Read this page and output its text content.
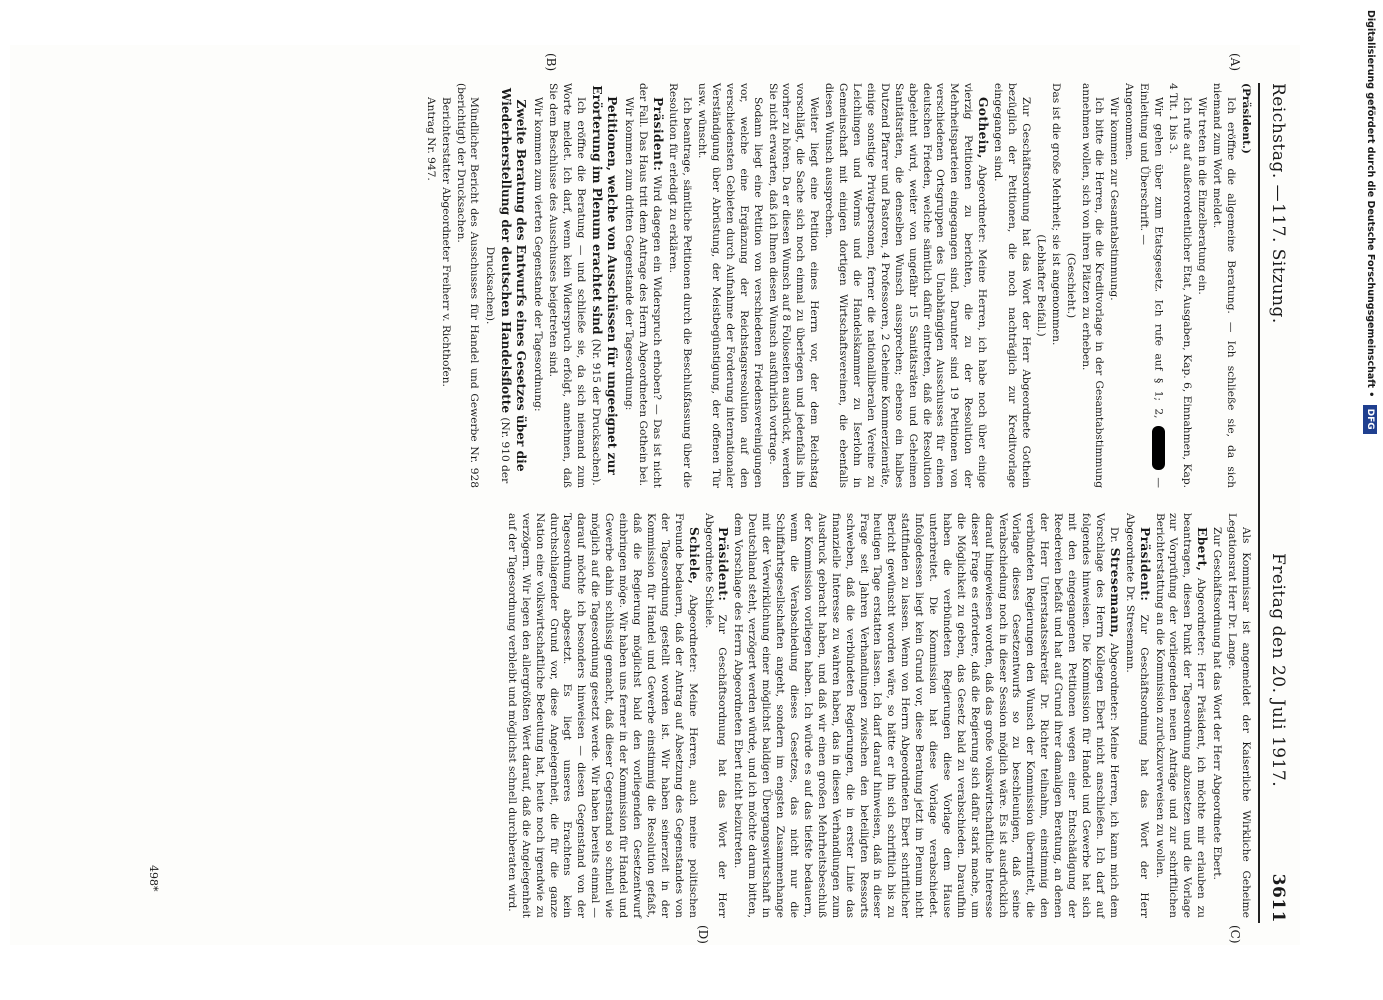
Reichstag. —
117. Sitzung.
Freitag den 20. Juli 1917.
3611
(A)
(B)
(C)
(D)

(Präsident.)

Ich eröffne die allgemeine Beratung. — Ich schließe sie, da sich niemand zum Wort meldet.

Wir treten in die Einzelberatung ein.

Ich rufe auf außerordentlicher Etat, Ausgaben, Kap. 6, Einnahmen, Kap. 4 Tit. 1 bis 3.

Wir gehen über zum Etatsgesetz. Ich rufe auf § 1; 2,  — Einleitung und Überschrift. —

Angenommen.

Wir kommen zur Gesamtabstimmung.

Ich bitte die Herren, die die Kreditvorlage in der Gesamtabstimmung annehmen wollen, sich von ihren Plätzen zu erheben.

(Geschieht.)

Das ist die große Mehrheit; sie ist angenommen.

(Lebhafter Beifall.)

Zur Geschäftsordnung hat das Wort der Herr Abgeordnete Gothein bezüglich der Petitionen, die noch nachträglich zur Kreditvorlage eingegangen sind.

Gothein, Abgeordneter: Meine Herren, ich habe noch über einige vierzig Petitionen zu berichten, die zu der Resolution der Mehrheitsparteien eingegangen sind. Darunter sind 19 Petitionen von verschiedenen Ortsgruppen des Unabhängigen Ausschusses für einen deutschen Frieden, welche sämtlich dafür eintreten, daß die Resolution abgelehnt wird, weiter von ungefähr 15 Sanitätsräten und Geheimen Sanitätsräten, die denselben Wunsch aussprechen; ebenso ein halbes Dutzend Pfarrer und Pastoren, 4 Professoren, 2 Geheime Kommerzienräte, einige sonstige Privatpersonen, ferner die nationalliberalen Vereine zu Leichlingen und Worms und die Handelskammer zu Iserlohn in Gemeinschaft mit einigen dortigen Wirtschaftsvereinen, die ebenfalls diesen Wunsch aussprechen.

Weiter liegt eine Petition eines Herrn vor, der dem Reichstag vorschlägt, die Sache sich noch einmal zu überlegen und jedenfalls ihn vorher zu hören. Da er diesen Wunsch auf 8 Folioseiten ausdrückt, werden Sie nicht erwarten, daß ich Ihnen diesen Wunsch ausführlich vortrage.

Sodann liegt eine Petition von verschiedenen Friedensvereinigungen vor, welche eine Ergänzung der Reichstagsresolution auf den verschiedensten Gebieten durch Aufnahme der Forderung internationaler Verständigung über Abrüstung, der Meistbegünstigung, der offenen Tür usw. wünscht.

Ich beantrage, sämtliche Petitionen durch die Beschlußfassung über die Resolution für erledigt zu erklären.

Präsident: Wird dagegen ein Widerspruch erhoben? — Das ist nicht der Fall. Das Haus tritt dem Antrage des Herrn Abgeordneten Gothein bei.

Wir kommen zum dritten Gegenstande der Tagesordnung:

Petitionen, welche von Ausschüssen für ungeeignet zur Erörterung im Plenum erachtet sind (Nr. 915 der Drucksachen).

Ich eröffne die Beratung — und schließe sie, da sich niemand zum Worte meldet. Ich darf, wenn kein Widerspruch erfolgt, annehmen, daß Sie dem Beschlusse des Ausschusses beigetreten sind.

Wir kommen zum vierten Gegenstande der Tagesordnung:

Zweite Beratung des Entwurfs eines Gesetzes über die Wiederherstellung der deutschen Handelsflotte (Nr. 910 der Drucksachen).

Mündlicher Bericht des Ausschusses für Handel und Gewerbe Nr. 928 (berichtigt) der Drucksachen.

Berichterstatter Abgeordneter Freiherr v. Richthofen.

Antrag Nr. 947.

Als Kommissar ist angemeldet der Kaiserliche Wirkliche Geheime Legationsrat Herr Dr. Lange.

Zur Geschäftsordnung hat das Wort der Herr Abgeordnete Ebert.

Ebert, Abgeordneter: Herr Präsident, ich möchte mir erlauben zu beantragen, diesen Punkt der Tagesordnung abzusetzen und die Vorlage zur Vorprüfung der vorliegenden neuen Anträge und zur schriftlichen Berichterstattung an die Kommission zurückzuverweisen zu wollen.

Präsident: Zur Geschäftsordnung hat das Wort der Herr Abgeordnete Dr. Stresemann.

Dr. Stresemann, Abgeordneter: Meine Herren, ich kann mich dem Vorschlage des Herrn Kollegen Ebert nicht anschließen. Ich darf auf folgendes hinweisen. Die Kommission für Handel und Gewerbe hat sich mit den eingegangenen Petitionen wegen einer Entschädigung der Reedereien befaßt und hat auf Grund ihrer damaligen Beratung, an denen der Herr Unterstaatssekretär Dr. Richter teilnahm, einstimmig den verbündeten Regierungen den Wunsch der Kommission übermittelt, die Vorlage dieses Gesetzentwurfs so zu beschleunigen, daß seine Verabschiedung noch in dieser Session möglich wäre. Es ist ausdrücklich darauf hingewiesen worden, daß das große volkswirtschaftliche Interesse dieser Frage es erfordere, daß die Regierung sich dafür stark mache, um die Möglichkeit zu geben, das Gesetz bald zu verabschieden. Daraufhin haben die verbündeten Regierungen diese Vorlage dem Hause unterbreitet. Die Kommission hat diese Vorlage verabschiedet. Infolgedessen liegt kein Grund vor, diese Beratung jetzt im Plenum nicht stattfinden zu lassen. Wenn von Herrn Abgeordneten Ebert schriftlicher Bericht gewünscht worden wäre, so hätte er ihn sich schriftlich bis zu heutigen Tage erstatten lassen. Ich darf darauf hinweisen, daß in dieser Frage seit Jahren Verhandlungen zwischen den beteiligten Ressorts schweben, daß die verbündeten Regierungen, die in erster Linie das finanzielle Interesse zu wahren haben, das in diesen Verhandlungen zum Ausdruck gebracht haben, und daß wir einen großen Mehrheitsbeschluß der Kommission vorliegen haben. Ich würde es auf das tiefste bedauern, wenn die Verabschiedung dieses Gesetzes, das nicht nur die Schiffahrtsgesellschaften angeht, sondern im engsten Zusammenhange mit der Verwirklichung einer möglichst baldigen Übergangswirtschaft in Deutschland steht, verzögert werden würde, und ich möchte darum bitten, dem Vorschlage des Herrn Abgeordneten Ebert nicht beizutreten.

Präsident: Zur Geschäftsordnung hat das Wort der Herr Abgeordnete Schiele.

Schiele, Abgeordneter: Meine Herren, auch meine politischen Freunde bedauern, daß der Antrag auf Absetzung des Gegenstandes von der Tagesordnung gestellt worden ist. Wir haben seinerzeit in der Kommission für Handel und Gewerbe einstimmig die Resolution gefaßt, daß die Regierung möglichst bald den vorliegenden Gesetzentwurf einbringen möge. Wir haben uns ferner in der Kommission für Handel und Gewerbe dahin schlüssig gemacht, daß dieser Gegenstand so schnell wie möglich auf die Tagesordnung gesetzt werde. Wir haben bereits einmal — darauf möchte ich besonders hinweisen — diesen Gegenstand von der Tagesordnung abgesetzt. Es liegt unseres Erachtens kein durchschlagender Grund vor, diese Angelegenheit, die für die ganze Nation eine volkswirtschaftliche Bedeutung hat, heute noch irgendwie zu verzögern. Wir legen den allergrößten Wert darauf, daß die Angelegenheit auf der Tagesordnung verbleibt und möglichst schnell durchberaten wird.

498*
Digitalisierung gefördert durch die Deutsche Forschungsgemeinschaft • DFG
